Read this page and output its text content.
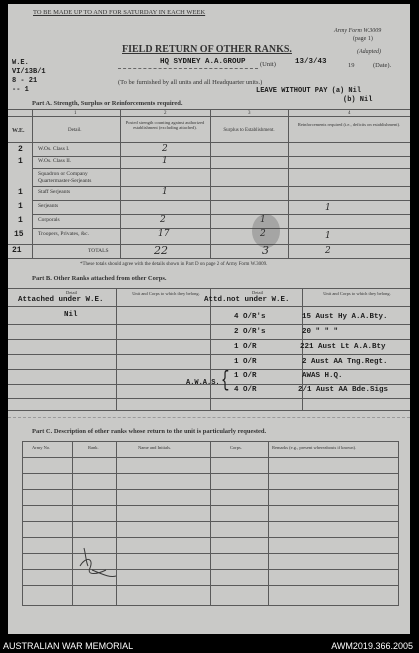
TO BE MADE UP TO AND FOR SATURDAY IN EACH WEEK
Army Form W.3009
(page 1)
(Adapted)
FIELD RETURN OF OTHER RANKS.
W.E.
VI/13B/1
8 - 21
-- 1
HQ SYDNEY A.A.GROUP (Unit)	13/3/43	19	(Date).
(To be furnished by all units and all Headquarter units.)
LEAVE WITHOUT PAY (a) Nil
(b) Nil
Part A. Strength, Surplus or Reinforcements required.
1	2	3	4
W.E.	Detail.
Posted strength counting against authorized establishment (excluding attached).
Surplus to Establishment.
Reinforcements required (i.e., deficits on establishment).
2	W.Os. Class I.	2
1	W.Os. Class II.	1
Squadron or Company Quartermaster-Serjeants
1	Staff Serjeants	1
1	Serjeants	1
1	Corporals	2	1
15	Troopers, Privates, &c.	17	2	1
21	TOTALS	22	3	2
*These totals should agree with the details shown in Part D on page 2 of Army Form W.3009.
Part B. Other Ranks attached from other Corps.
Detail	Unit and Corps to which they belong.	Detail	Unit and Corps to which they belong.
Attached under W.E.	Attd.not under W.E.
Nil	4 O/R's	15 Aust Hy A.A.Bty.
2 O/R's	20 " " "
1 O/R	221 Aust Lt A.A.Bty
1 O/R	2 Aust AA Tng.Regt.
A.W.A.S. { 1 O/R	AWAS H.Q.
4 O/R	2/1 Aust AA Bde.Sigs
Part C. Description of other ranks whose return to the unit is particularly requested.
Army No.	Rank.	Name and Initials.	Corps.	Remarks (e.g., present whereabouts if known).
AUSTRALIAN WAR MEMORIAL	AWM2019.366.2005
